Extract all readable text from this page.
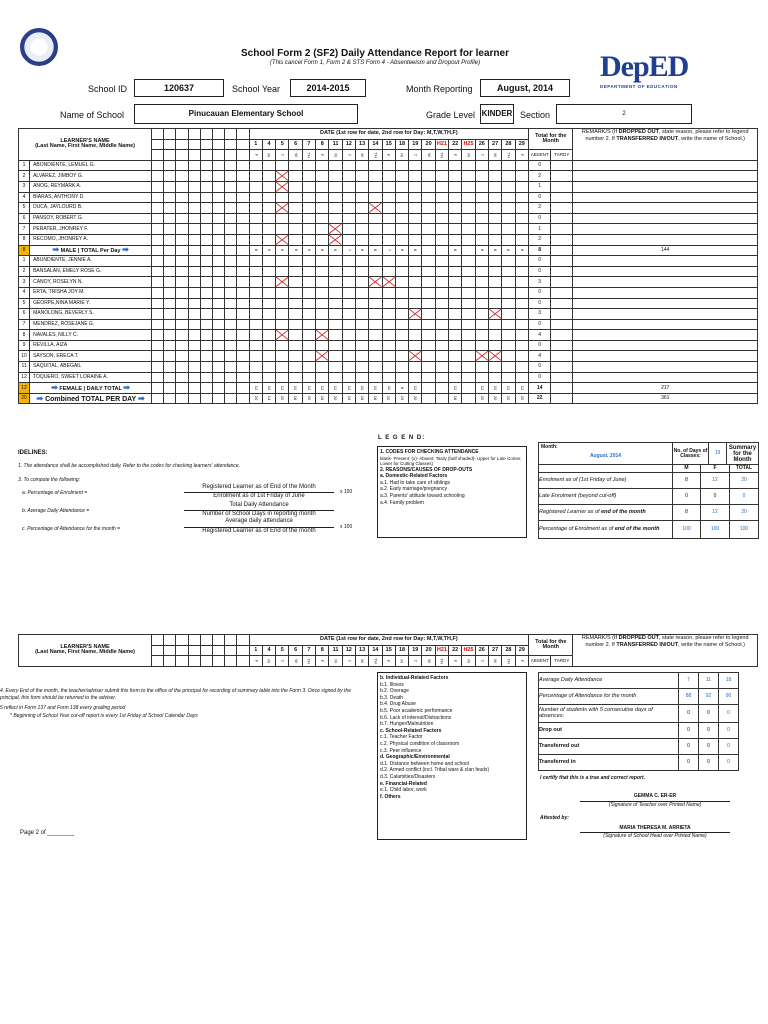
School Form 2 (SF2) Daily Attendance Report for learner
(This cancel Form 1, Form 2 & STS Form 4 - Absenteeism and Dropout Profile)	DepED
DEPARTMENT OF EDUCATION
School ID	120637	School Year	2014-2015	Month Reporting	August, 2014
Name of School	Pinucauan Elementary School	Grade Level KINDER Section	2
LEARNER'S NAME
(Last Name, First Name, Middle Name)										DATE (1st row for date, 2nd row for Day: M,T,W,TH,F)																					Total for the Month		REMARK/S (If DROPPED OUT, state reason, please refer to legend number 2. If TRANSFERRED IN/OUT, write the name of School.)
										1	4	5	6	7	8	11	12	13	14	15	18	19	20	H21	22	H25	26	27	28	29			
										F	M	T	W	TH	F	M	T	W	TH	F	M	T	W	TH	F	M	T	W	TH	F	ABSENT	TARDY	
1	ABONDIENTE, LEMUEL G.																														0		
2	ALVAREZ, JIMBOY G.																														2		
3	ANOG, REYMARK A.																														1		
4	BIARAS, ANTHONY D.																														0		
5	DUCA, JAYLOURD B.																														2		
6	PANSOY, ROBERT G.																														0		
7	PERATER, JHONREY F.																														1		
8	RECOMO, JHONREY A.																														2		
8	➡ MALE | TOTAL Per Day ➡									8	6	6	8	6	8	6	7	8	8	7	8	8			8		8	8	8	8	8		144
1	ABUNDIENTE, JENNIE A.																														0		
2	BANSALAN, EMELY ROSE G.																														0		
3	CANOY, ROSELYN N.																														3		
4	ERTA, TRISHA JOY M.																														0		
5	GEORPE,NINA MARIE Y.																														0		
6	MANOLONG, BEVERLY S.																														3		
7	MENDREZ, ROSEJANE G.																														0		
8	NAVALES, NILLY C.																														4		
9	REVILLA, AIZA																														0		
10	SAYSON, ERECA T.																														4		
11	SAQUITAL, ABEGAIL																														0		
12	TOQUERO, SWEET LORAINE A.																														0		
12	➡ FEMALE | DAILY TOTAL ➡									12	10	12	10	12	12	12	12	10	10	11	8	12			12		12	10	12	12	14		217
20	➡ Combined TOTAL PER DAY ➡									20	14	20	18	20	18	20	19	18	18	20	19	20			18		20	20	20	20	22		361
L E G E N D:
IDELINES:
1. The attendance shall be accomplished daily. Refer to the codes for checking learners' attendance.
3. To compute the following:
a. Percentage of Enrolment =
Registered Learner as of End of the Month
Enrolment as of 1st Friday of June
x 100
b. Average Daily Attendance =
Total Daily Attendance
Number of School Days in reporting month
c. Percentage of Attendance for the month =
Average daily attendance
Registered Learner as of End of the month
x 100
1. CODES FOR CHECKING ATTENDANCE
blank- Present; (x)- Absent; Tardy (half shaded)- Upper for Late Comer, Lower for Cutting Classes)
2. REASONS/CAUSES OF DROP-OUTS
a. Domestic-Related Factors
a.1. Had to take care of siblings
a.2. Early marriage/pregnancy
a.3. Parents' attitude toward schooling
a.4. Family problem
Month:
August, 2014
	No. of Days of Classes:	19	Summary for the Month
	M	F	TOTAL
Enrolment as of (1st Friday of June)	8	12	20
Late Enrolment (beyond cut-off)	0	0	0
Registered Learner as of end of the month	8	12	20
Percentage of Enrolment as of end of the month	100	100	100
LEARNER'S NAME
(Last Name, First Name, Middle Name)									DATE (1st row for date, 2nd row for Day: M,T,W,TH,F)																					Total for the Month		REMARK/S (If DROPPED OUT, state reason, please refer to legend number 2. If TRANSFERRED IN/OUT, write the name of School.)
									1	4	5	6	7	8	11	12	13	14	15	18	19	20	H21	22	H25	26	27	28	29			
									F	M	T	W	TH	F	M	T	W	TH	F	M	T	W	TH	F	M	T	W	TH	F	ABSENT	TARDY	
4. Every End of the month, the teacher/adviser submit this form to the office of the principal for recording of summary table into the Form 3. Once signed by the principal, this form should be returned to the adviser.
5 reflect in Form 137 and Form 138 every grading period
* Beginning of School Year cut-off report is every 1st Friday of School Calendar Days
Page 2 of ________
b. Individual-Related Factors
b.1. Illness
b.2. Overage
b.3. Death
b.4. Drug Abuse
b.5. Poor academic performance
b.6. Lack of interest/Distractions
b.7. Hunger/Malnutrition
c. School-Related Factors
c.1. Teacher Factor
c.2. Physical condition of classroom
c.3. Peer influence
d. Geographic/Environmental
d.1. Distance between home and school
d.2. Armed conflict (incl. Tribal wars & clan feuds)
d.3. Calamities/Disasters
e. Financial-Related
e.1. Child labor, work
f. Others
Average Daily Attendance	7	11	18
Percentage of Attendance for the month	88	92	90
Number of students with 5 consecutive days of absences:	0	0	0
Drop out	0	0	0
Transferred out	0	0	0
Transferred in	0	0	0
I certify that this is a true and correct report.
GEMMA C. ER-ER
(Signature of Teacher over Printed Name)
Attested by:
MARIA THERESA M. ARRIETA
(Signature of School Head over Printed Name)
